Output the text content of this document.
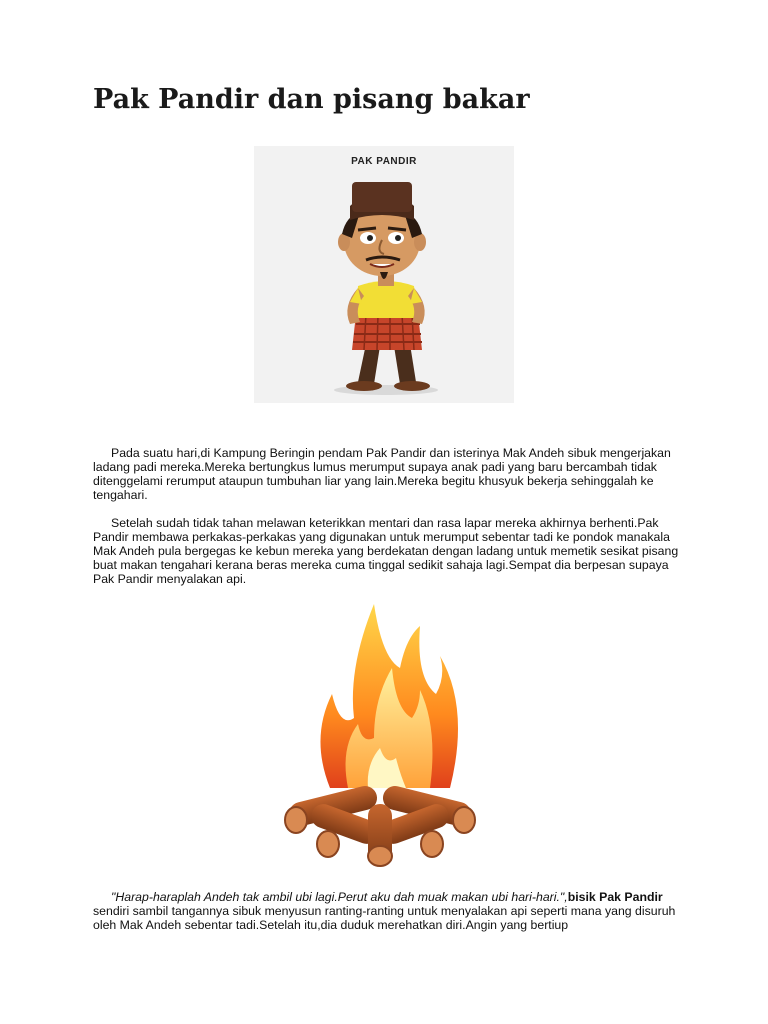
Pak Pandir dan pisang bakar
PAK PANDIR

Pada suatu hari,di Kampung Beringin pendam Pak Pandir dan isterinya Mak Andeh sibuk mengerjakan ladang padi mereka.Mereka bertungkus lumus merumput supaya anak padi yang baru bercambah tidak ditenggelami rerumput ataupun tumbuhan liar yang lain.Mereka begitu khusyuk bekerja sehinggalah ke tengahari.

Setelah sudah tidak tahan melawan keterikkan mentari dan rasa lapar mereka akhirnya berhenti.Pak Pandir membawa perkakas-perkakas yang digunakan untuk merumput sebentar tadi ke pondok manakala Mak Andeh pula bergegas ke kebun mereka yang berdekatan dengan ladang untuk memetik sesikat pisang buat makan tengahari kerana beras mereka cuma tinggal sedikit sahaja lagi.Sempat dia berpesan supaya Pak Pandir menyalakan api.

"Harap-haraplah Andeh tak ambil ubi lagi.Perut aku dah muak makan ubi hari-hari.",bisik Pak Pandir sendiri sambil tangannya sibuk menyusun ranting-ranting untuk menyalakan api seperti mana yang disuruh oleh Mak Andeh sebentar tadi.Setelah itu,dia duduk merehatkan diri.Angin yang bertiup
